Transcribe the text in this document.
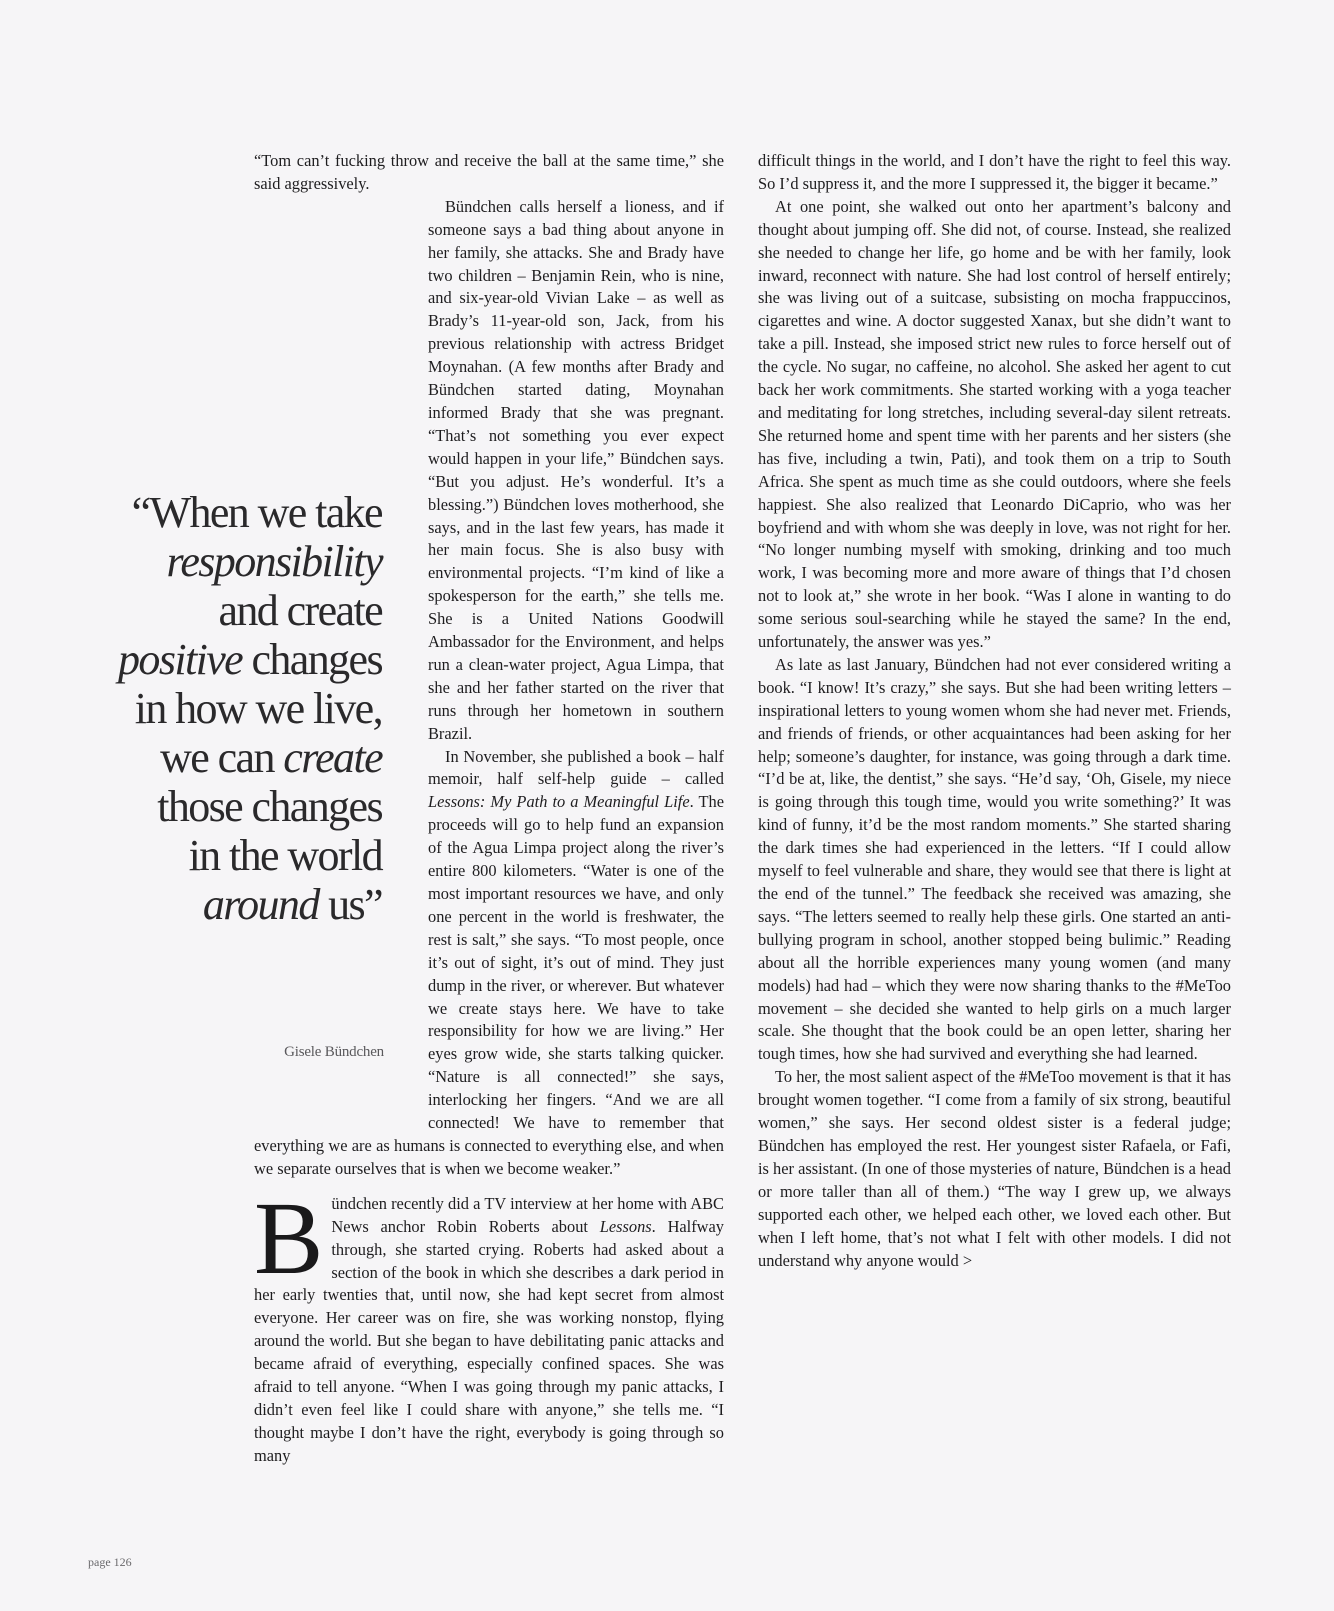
“Tom can’t fucking throw and receive the ball at the same time,” she said aggressively.

Bündchen calls herself a lioness, and if someone says a bad thing about anyone in her family, she attacks. She and Brady have two children – Benjamin Rein, who is nine, and six-year-old Vivian Lake – as well as Brady’s 11-year-old son, Jack, from his previous relationship with actress Bridget Moynahan. (A few months after Brady and Bündchen started dating, Moynahan informed Brady that she was pregnant. “That’s not something you ever expect would happen in your life,” Bündchen says. “But you adjust. He’s wonderful. It’s a blessing.”) Bündchen loves motherhood, she says, and in the last few years, has made it her main focus. She is also busy with environmental projects. “I’m kind of like a spokesperson for the earth,” she tells me. She is a United Nations Goodwill Ambassador for the Environment, and helps run a clean-water project, Agua Limpa, that she and her father started on the river that runs through her hometown in southern Brazil.

In November, she published a book – half memoir, half self-help guide – called Lessons: My Path to a Meaningful Life. The proceeds will go to help fund an expansion of the Agua Limpa project along the river’s entire 800 kilometers. “Water is one of the most important resources we have, and only one percent in the world is freshwater, the rest is salt,” she says. “To most people, once it’s out of sight, it’s out of mind. They just dump in the river, or wherever. But whatever we create stays here. We have to take responsibility for how we are living.” Her eyes grow wide, she starts talking quicker. “Nature is all connected!” she says, interlocking her fingers. “And we are all connected! We have to remember that everything we are as humans is connected to everything else, and when we separate ourselves that is when we become weaker.”

Bündchen recently did a TV interview at her home with ABC News anchor Robin Roberts about Lessons. Halfway through, she started crying. Roberts had asked about a section of the book in which she describes a dark period in her early twenties that, until now, she had kept secret from almost everyone. Her career was on fire, she was working nonstop, flying around the world. But she began to have debilitating panic attacks and became afraid of everything, especially confined spaces. She was afraid to tell anyone. “When I was going through my panic attacks, I didn’t even feel like I could share with anyone,” she tells me. “I thought maybe I don’t have the right, everybody is going through so many

difficult things in the world, and I don’t have the right to feel this way. So I’d suppress it, and the more I suppressed it, the bigger it became.”

At one point, she walked out onto her apartment’s balcony and thought about jumping off. She did not, of course. Instead, she realized she needed to change her life, go home and be with her family, look inward, reconnect with nature. She had lost control of herself entirely; she was living out of a suitcase, subsisting on mocha frappuccinos, cigarettes and wine. A doctor suggested Xanax, but she didn’t want to take a pill. Instead, she imposed strict new rules to force herself out of the cycle. No sugar, no caffeine, no alcohol. She asked her agent to cut back her work commitments. She started working with a yoga teacher and meditating for long stretches, including several-day silent retreats. She returned home and spent time with her parents and her sisters (she has five, including a twin, Pati), and took them on a trip to South Africa. She spent as much time as she could outdoors, where she feels happiest. She also realized that Leonardo DiCaprio, who was her boyfriend and with whom she was deeply in love, was not right for her. “No longer numbing myself with smoking, drinking and too much work, I was becoming more and more aware of things that I’d chosen not to look at,” she wrote in her book. “Was I alone in wanting to do some serious soul-searching while he stayed the same? In the end, unfortunately, the answer was yes.”

As late as last January, Bündchen had not ever considered writing a book. “I know! It’s crazy,” she says. But she had been writing letters – inspirational letters to young women whom she had never met. Friends, and friends of friends, or other acquaintances had been asking for her help; someone’s daughter, for instance, was going through a dark time. “I’d be at, like, the dentist,” she says. “He’d say, ‘Oh, Gisele, my niece is going through this tough time, would you write something?’ It was kind of funny, it’d be the most random moments.” She started sharing the dark times she had experienced in the letters. “If I could allow myself to feel vulnerable and share, they would see that there is light at the end of the tunnel.” The feedback she received was amazing, she says. “The letters seemed to really help these girls. One started an anti-bullying program in school, another stopped being bulimic.” Reading about all the horrible experiences many young women (and many models) had had – which they were now sharing thanks to the #MeToo movement – she decided she wanted to help girls on a much larger scale. She thought that the book could be an open letter, sharing her tough times, how she had survived and everything she had learned.

To her, the most salient aspect of the #MeToo movement is that it has brought women together. “I come from a family of six strong, beautiful women,” she says. Her second oldest sister is a federal judge; Bündchen has employed the rest. Her youngest sister Rafaela, or Fafi, is her assistant. (In one of those mysteries of nature, Bündchen is a head or more taller than all of them.) “The way I grew up, we always supported each other, we helped each other, we loved each other. But when I left home, that’s not what I felt with other models. I did not understand why anyone would >

“When we take
responsibility
and create
positive changes
in how we live,
we can create
those changes
in the world
around us”
Gisele Bündchen
page 126
